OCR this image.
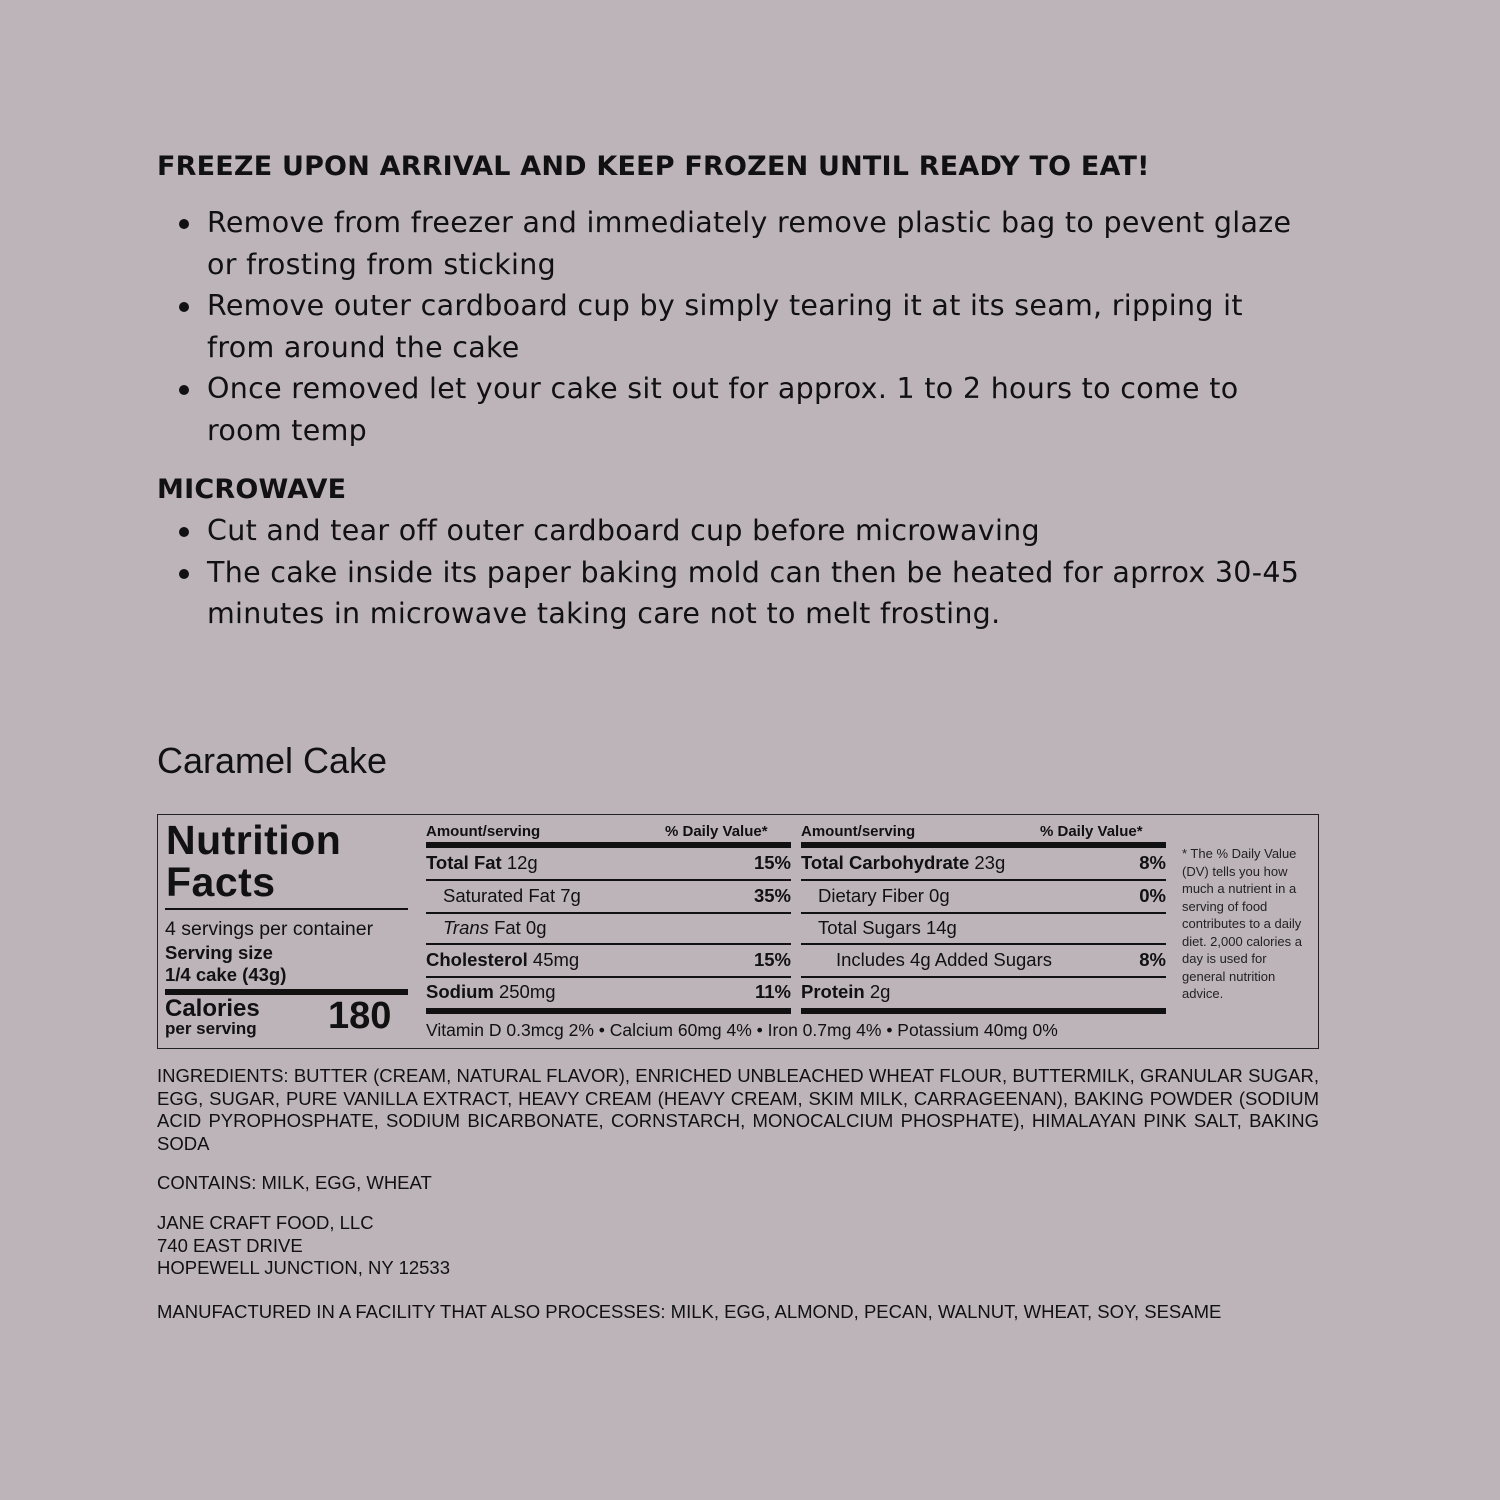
FREEZE UPON ARRIVAL AND KEEP FROZEN UNTIL READY TO EAT!
Remove from freezer and immediately remove plastic bag to pevent glaze or frosting from sticking
Remove outer cardboard cup by simply tearing it at its seam, ripping it from around the cake
Once removed let your cake sit out for approx. 1 to 2 hours to come to room temp
MICROWAVE
Cut and tear off outer cardboard cup before microwaving
The cake inside its paper baking mold can then be heated for aprrox 30-45 minutes in microwave taking care not to melt frosting.
Caramel Cake
Nutrition Facts
4 servings per container
Serving size
1/4 cake (43g)
Calories
per serving 180
Amount/serving	% Daily Value*
Total Fat 12g	15%
Saturated Fat 7g	35%
Trans Fat 0g
Cholesterol 45mg	15%
Sodium 250mg	11%
Amount/serving	% Daily Value*
Total Carbohydrate 23g	8%
Dietary Fiber 0g	0%
Total Sugars 14g
Includes 4g Added Sugars	8%
Protein 2g
Vitamin D 0.3mcg 2% • Calcium 60mg 4% • Iron 0.7mg 4% • Potassium 40mg 0%
* The % Daily Value (DV) tells you how much a nutrient in a serving of food contributes to a daily diet. 2,000 calories a day is used for general nutrition advice.

INGREDIENTS: BUTTER (CREAM, NATURAL FLAVOR), ENRICHED UNBLEACHED WHEAT FLOUR, BUTTERMILK, GRANULAR SUGAR, EGG, SUGAR, PURE VANILLA EXTRACT, HEAVY CREAM (HEAVY CREAM, SKIM MILK, CARRAGEENAN), BAKING POWDER (SODIUM ACID PYROPHOSPHATE, SODIUM BICARBONATE, CORNSTARCH, MONOCALCIUM PHOSPHATE), HIMALAYAN PINK SALT, BAKING SODA

CONTAINS: MILK, EGG, WHEAT

JANE CRAFT FOOD, LLC
740 EAST DRIVE
HOPEWELL JUNCTION, NY 12533

MANUFACTURED IN A FACILITY THAT ALSO PROCESSES: MILK, EGG, ALMOND, PECAN, WALNUT, WHEAT, SOY, SESAME
